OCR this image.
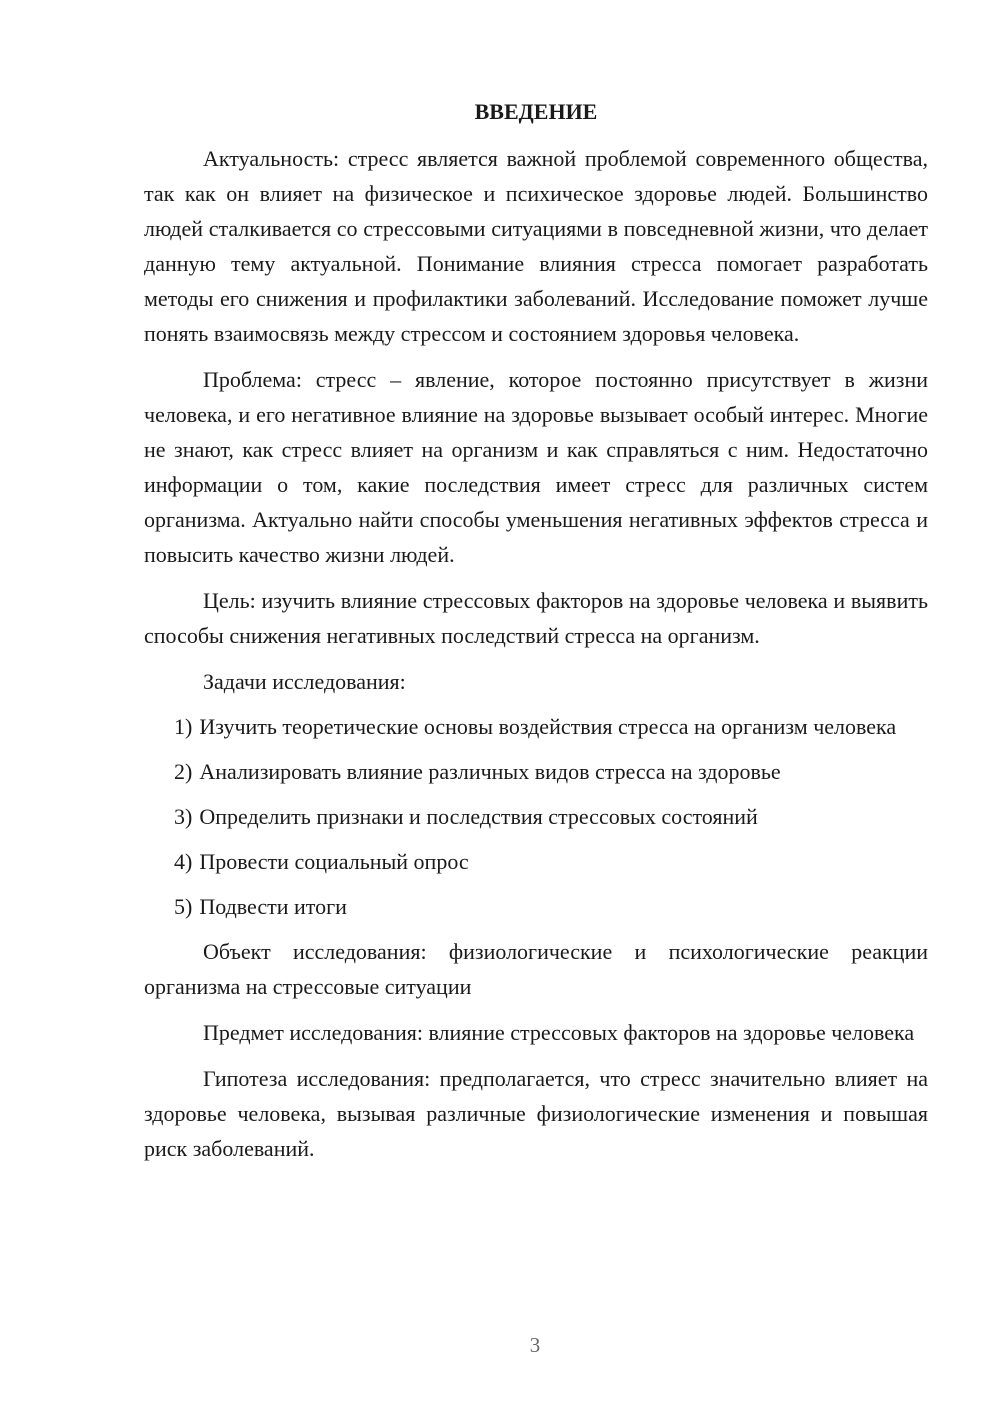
ВВЕДЕНИЕ

Актуальность: стресс является важной проблемой современного общества, так как он влияет на физическое и психическое здоровье людей. Большинство людей сталкивается со стрессовыми ситуациями в повседневной жизни, что делает данную тему актуальной. Понимание влияния стресса помогает разработать методы его снижения и профилактики заболеваний. Исследование поможет лучше понять взаимосвязь между стрессом и состоянием здоровья человека.

Проблема: стресс – явление, которое постоянно присутствует в жизни человека, и его негативное влияние на здоровье вызывает особый интерес. Многие не знают, как стресс влияет на организм и как справляться с ним. Недостаточно информации о том, какие последствия имеет стресс для различных систем организма. Актуально найти способы уменьшения негативных эффектов стресса и повысить качество жизни людей.

Цель: изучить влияние стрессовых факторов на здоровье человека и выявить способы снижения негативных последствий стресса на организм.

Задачи исследования:

1) Изучить теоретические основы воздействия стресса на организм человека

2) Анализировать влияние различных видов стресса на здоровье

3) Определить признаки и последствия стрессовых состояний

4) Провести социальный опрос

5) Подвести итоги

Объект исследования: физиологические и психологические реакции организма на стрессовые ситуации

Предмет исследования: влияние стрессовых факторов на здоровье человека

Гипотеза исследования: предполагается, что стресс значительно влияет на здоровье человека, вызывая различные физиологические изменения и повышая риск заболеваний.

3
